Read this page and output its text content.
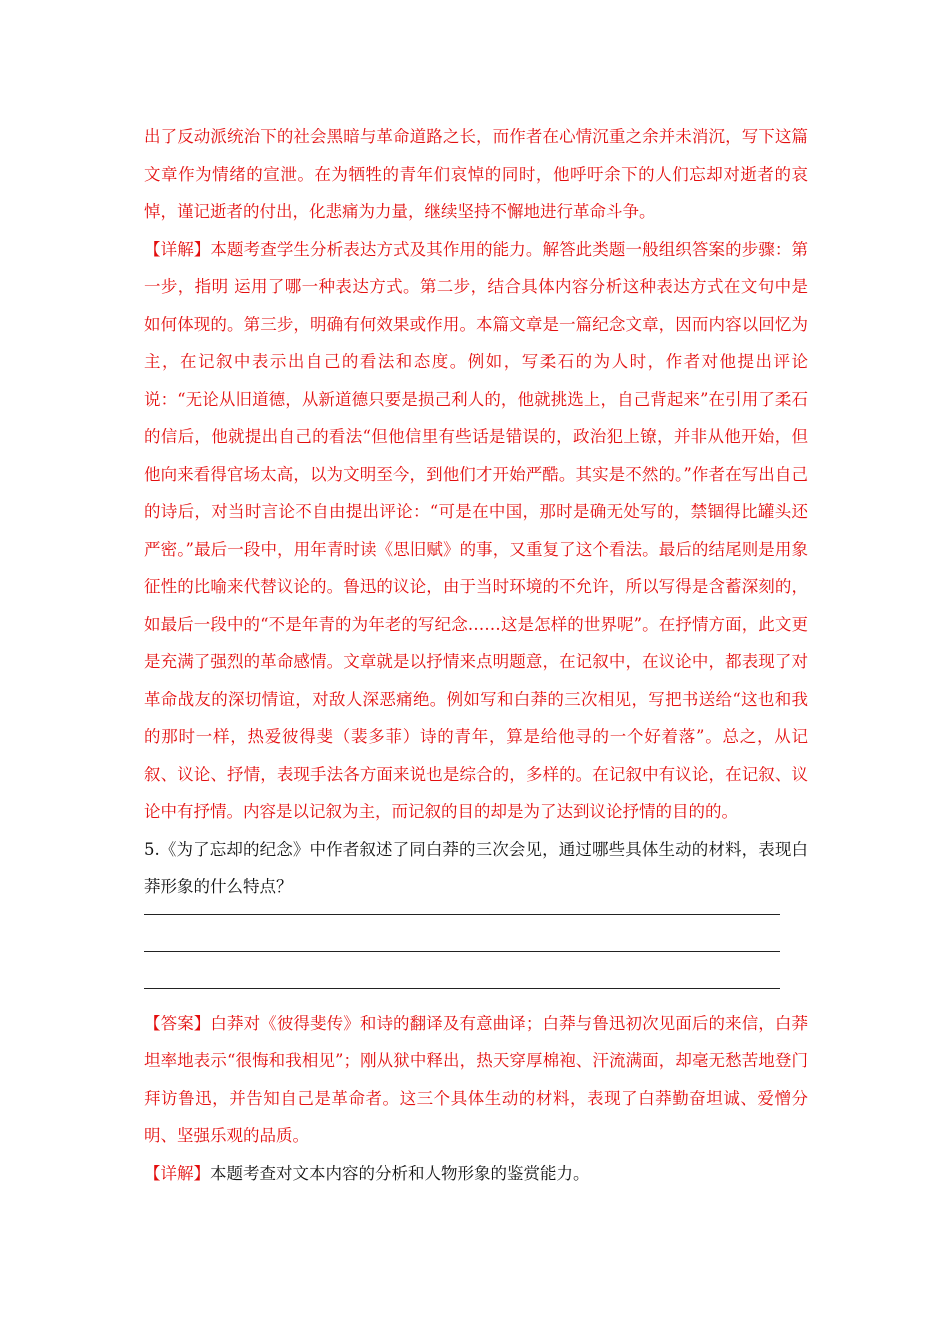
出了反动派统治下的社会黑暗与革命道路之长，而作者在心情沉重之余并未消沉，写下这篇文章作为情绪的宣泄。在为牺牲的青年们哀悼的同时，他呼吁余下的人们忘却对逝者的哀悼，谨记逝者的付出，化悲痛为力量，继续坚持不懈地进行革命斗争。

【详解】本题考查学生分析表达方式及其作用的能力。解答此类题一般组织答案的步骤：第一步，指明 运用了哪一种表达方式。第二步，结合具体内容分析这种表达方式在文句中是如何体现的。第三步，明确有何效果或作用。本篇文章是一篇纪念文章，因而内容以回忆为主，在记叙中表示出自己的看法和态度。例如，写柔石的为人时，作者对他提出评论说：“无论从旧道德，从新道德只要是损己利人的，他就挑选上，自己背起来”在引用了柔石的信后，他就提出自己的看法“但他信里有些话是错误的，政治犯上镣，并非从他开始，但他向来看得官场太高，以为文明至今，到他们才开始严酷。其实是不然的。”作者在写出自己的诗后，对当时言论不自由提出评论：“可是在中国，那时是确无处写的，禁锢得比罐头还严密。”最后一段中，用年青时读《思旧赋》的事，又重复了这个看法。最后的结尾则是用象征性的比喻来代替议论的。鲁迅的议论，由于当时环境的不允许，所以写得是含蓄深刻的，如最后一段中的“不是年青的为年老的写纪念……这是怎样的世界呢”。在抒情方面，此文更是充满了强烈的革命感情。文章就是以抒情来点明题意，在记叙中，在议论中，都表现了对革命战友的深切情谊，对敌人深恶痛绝。例如写和白莽的三次相见，写把书送给“这也和我的那时一样，热爱彼得斐（裴多菲）诗的青年，算是给他寻的一个好着落”。总之，从记叙、议论、抒情，表现手法各方面来说也是综合的，多样的。在记叙中有议论，在记叙、议论中有抒情。内容是以记叙为主，而记叙的目的却是为了达到议论抒情的目的的。

5.《为了忘却的纪念》中作者叙述了同白莽的三次会见，通过哪些具体生动的材料，表现白莽形象的什么特点？

【答案】白莽对《彼得斐传》和诗的翻译及有意曲译；白莽与鲁迅初次见面后的来信，白莽坦率地表示“很悔和我相见”；刚从狱中释出，热天穿厚棉袍、汗流满面，却毫无愁苦地登门拜访鲁迅，并告知自己是革命者。这三个具体生动的材料，表现了白莽勤奋坦诚、爱憎分明、坚强乐观的品质。

【详解】本题考查对文本内容的分析和人物形象的鉴赏能力。
